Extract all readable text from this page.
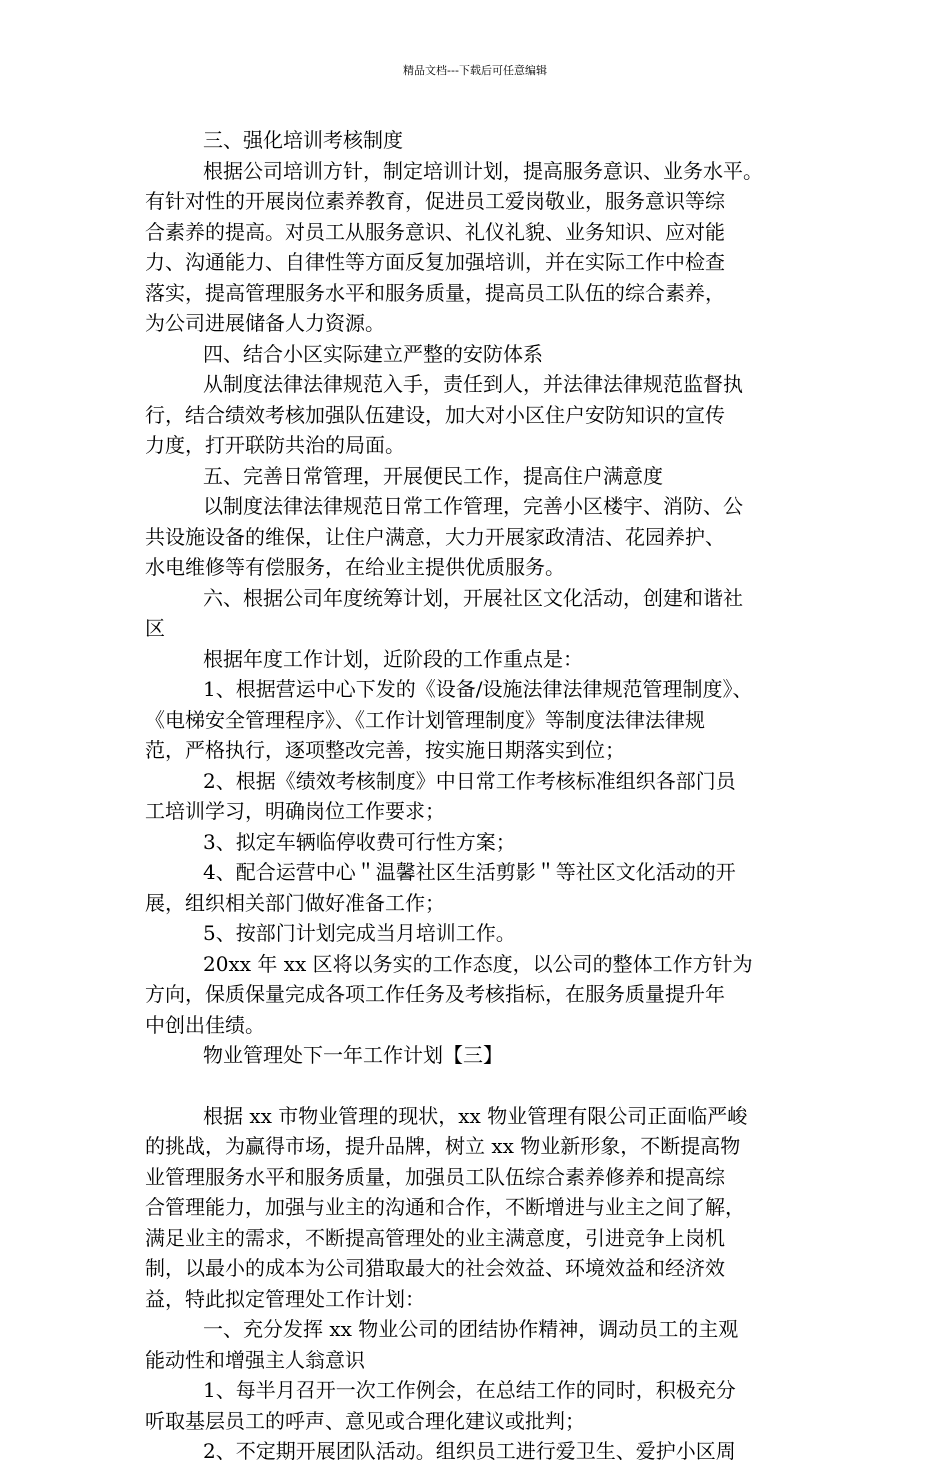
精品文档---下载后可任意编辑
三、强化培训考核制度
根据公司培训方针，制定培训计划，提高服务意识、业务水平。
有针对性的开展岗位素养教育，促进员工爱岗敬业，服务意识等综
合素养的提高。对员工从服务意识、礼仪礼貌、业务知识、应对能
力、沟通能力、自律性等方面反复加强培训，并在实际工作中检查
落实，提高管理服务水平和服务质量，提高员工队伍的综合素养，
为公司进展储备人力资源。
四、结合小区实际建立严整的安防体系
从制度法律法律规范入手，责任到人，并法律法律规范监督执
行，结合绩效考核加强队伍建设，加大对小区住户安防知识的宣传
力度，打开联防共治的局面。
五、完善日常管理，开展便民工作，提高住户满意度
以制度法律法律规范日常工作管理，完善小区楼宇、消防、公
共设施设备的维保，让住户满意，大力开展家政清洁、花园养护、
水电维修等有偿服务，在给业主提供优质服务。
六、根据公司年度统筹计划，开展社区文化活动，创建和谐社
区
根据年度工作计划，近阶段的工作重点是：
1、根据营运中心下发的《设备/设施法律法律规范管理制度》、
《电梯安全管理程序》、《工作计划管理制度》等制度法律法律规
范，严格执行，逐项整改完善，按实施日期落实到位；
2、根据《绩效考核制度》中日常工作考核标准组织各部门员
工培训学习，明确岗位工作要求；
3、拟定车辆临停收费可行性方案；
4、配合运营中心＂温馨社区生活剪影＂等社区文化活动的开
展，组织相关部门做好准备工作；
5、按部门计划完成当月培训工作。
20xx 年 xx 区将以务实的工作态度，以公司的整体工作方针为
方向，保质保量完成各项工作任务及考核指标，在服务质量提升年
中创出佳绩。
物业管理处下一年工作计划【三】
根据 xx 市物业管理的现状，xx 物业管理有限公司正面临严峻
的挑战，为赢得市场，提升品牌，树立 xx 物业新形象，不断提高物
业管理服务水平和服务质量，加强员工队伍综合素养修养和提高综
合管理能力，加强与业主的沟通和合作，不断增进与业主之间了解，
满足业主的需求，不断提高管理处的业主满意度，引进竞争上岗机
制，以最小的成本为公司猎取最大的社会效益、环境效益和经济效
益，特此拟定管理处工作计划：
一、充分发挥 xx 物业公司的团结协作精神，调动员工的主观
能动性和增强主人翁意识
1、每半月召开一次工作例会，在总结工作的同时，积极充分
听取基层员工的呼声、意见或合理化建议或批判；
2、不定期开展团队活动。组织员工进行爱卫生、爱护小区周
